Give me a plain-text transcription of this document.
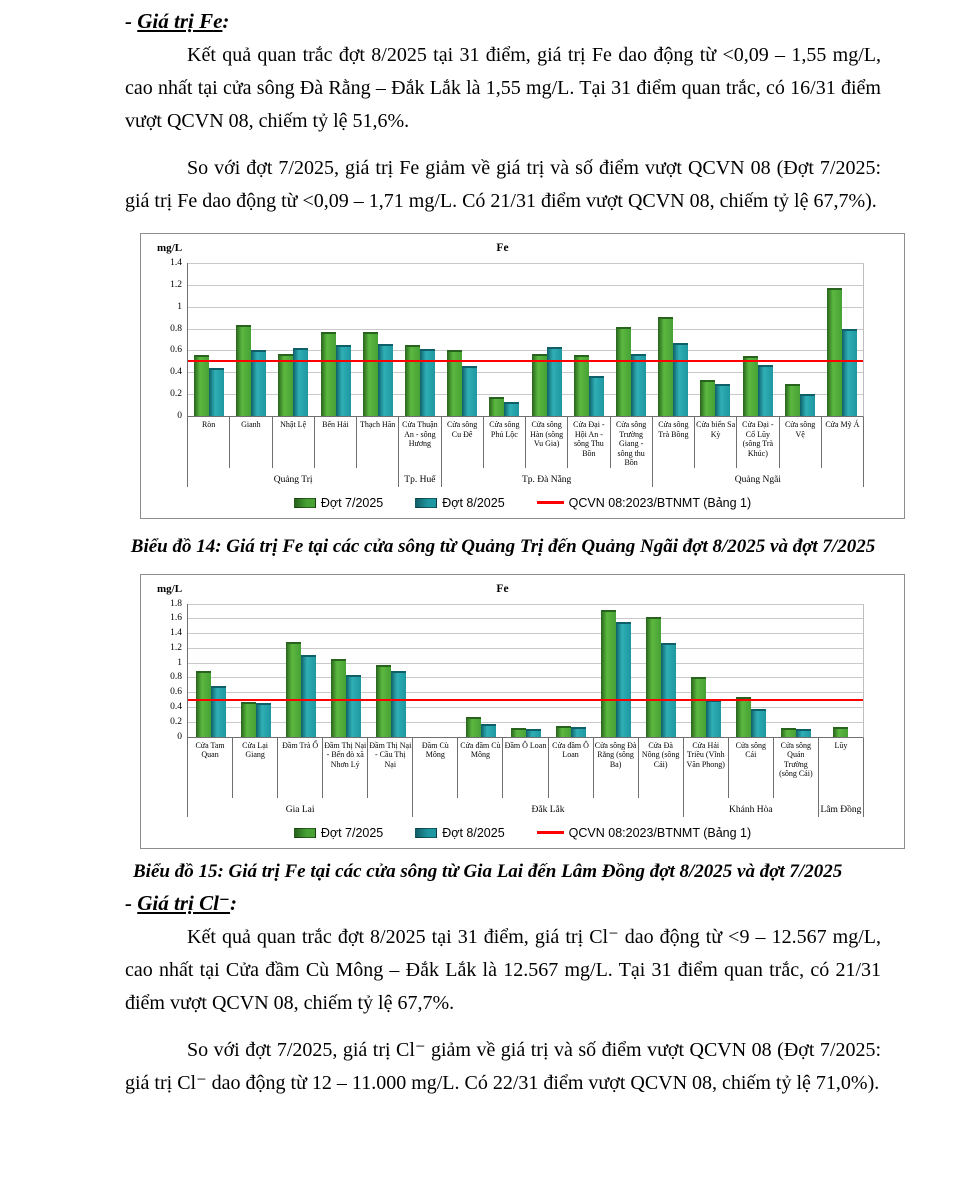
- Giá trị Fe:

Kết quả quan trắc đợt 8/2025 tại 31 điểm, giá trị Fe dao động từ <0,09 – 1,55 mg/L, cao nhất tại cửa sông Đà Rằng – Đắk Lắk là 1,55 mg/L. Tại 31 điểm quan trắc, có 16/31 điểm vượt QCVN 08, chiếm tỷ lệ 51,6%.

So với đợt 7/2025, giá trị Fe giảm về giá trị và số điểm vượt QCVN 08 (Đợt 7/2025: giá trị Fe dao động từ <0,09 – 1,71 mg/L. Có 21/31 điểm vượt QCVN 08, chiếm tỷ lệ 67,7%).

mg/L	Fe
0
0.2
0.4
0.6
0.8
1
1.2
1.4
Ròn	Gianh	Nhật Lệ	Bến Hải	Thạch Hãn Cửa Thuận An - sông Hương
Cửa sông Cu Đê
Cửa sông Phú Lộc
Cửa sông Hàn (sông Vu Gia)
Cửa Đại - Hội An - sông Thu Bồn
Cửa sông Trường Giang - sông thu Bồn
Cửa sông Trà Bồng
Cửa biển Sa Kỳ
Cửa Đại - Cổ Lũy (sông Trà Khúc)
Cửa sông Vệ
Cửa Mỹ Á
Quảng Trị	Tp. Huế	Tp. Đà Nẵng	Quảng Ngãi
Đợt 7/2025	Đợt 8/2025	QCVN 08:2023/BTNMT (Bảng 1)
Biểu đồ 14: Giá trị Fe tại các cửa sông từ Quảng Trị đến Quảng Ngãi đợt 8/2025 và đợt 7/2025
mg/L	Fe
0
0.2
0.4
0.6
0.8
1
1.2
1.4
1.6
1.8
Cửa Tam Quan
Cửa Lại Giang
Đầm Trà Ổ Đầm Thị Nại - Bến đò xã Nhơn Lý
Đầm Thị Nại - Cầu Thị Nại
Đầm Cù Mông
Cửa đầm Cù Mông
Đầm Ô Loan Cửa đầm Ô Loan
Cửa sông Đà Rằng (sông Ba)
Cửa Đà Nông (sông Cái)
Cửa Hải Triều (Vĩnh Văn Phong)
Cửa sông Cái
Cửa sông Quán Trường (sông Cái)
Lũy
Gia Lai	Đắk Lắk	Khánh Hòa	Lâm Đồng
Đợt 7/2025	Đợt 8/2025	QCVN 08:2023/BTNMT (Bảng 1)
Biểu đồ 15: Giá trị Fe tại các cửa sông từ Gia Lai đến Lâm Đồng đợt 8/2025 và đợt 7/2025
- Giá trị Cl⁻:

Kết quả quan trắc đợt 8/2025 tại 31 điểm, giá trị Cl⁻ dao động từ <9 – 12.567 mg/L, cao nhất tại Cửa đầm Cù Mông – Đắk Lắk là 12.567 mg/L. Tại 31 điểm quan trắc, có 21/31 điểm vượt QCVN 08, chiếm tỷ lệ 67,7%.

So với đợt 7/2025, giá trị Cl⁻ giảm về giá trị và số điểm vượt QCVN 08 (Đợt 7/2025: giá trị Cl⁻ dao động từ 12 – 11.000 mg/L. Có 22/31 điểm vượt QCVN 08, chiếm tỷ lệ 71,0%).
